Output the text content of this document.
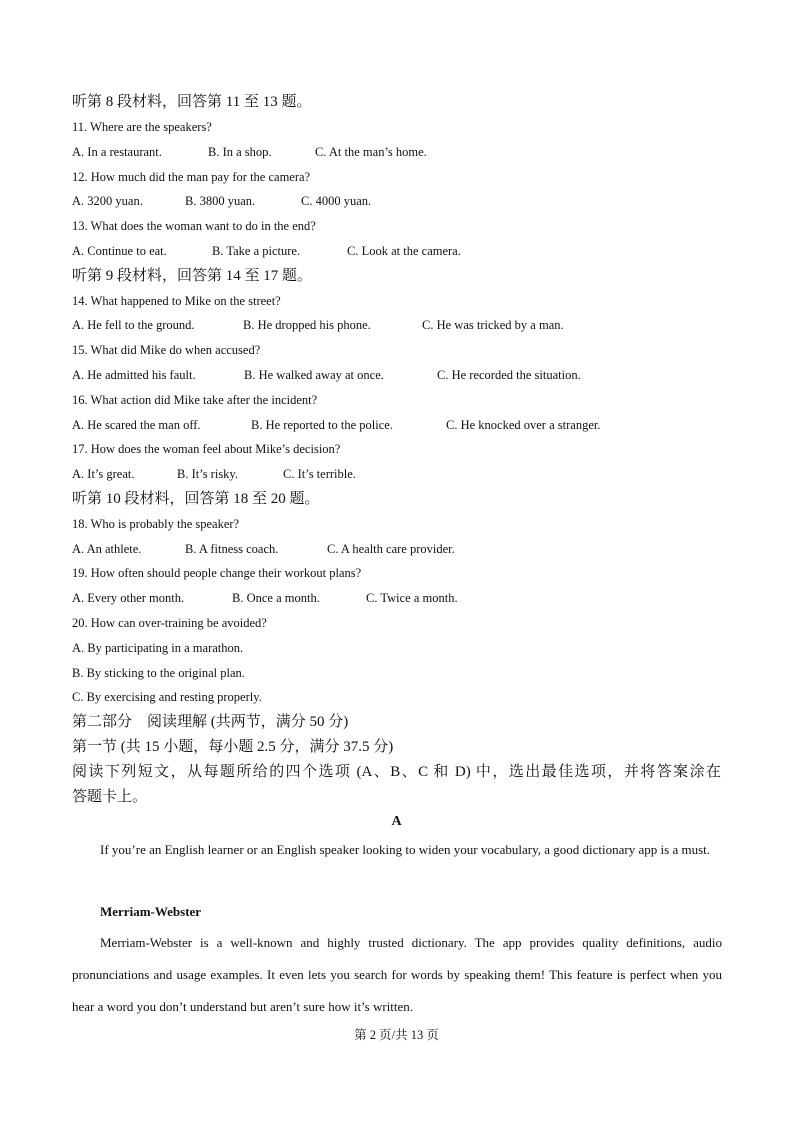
听第 8 段材料，回答第 11 至 13 题。
11. Where are the speakers?
A. In a restaurant.	B. In a shop.	C. At the man’s home.
12. How much did the man pay for the camera?
A. 3200 yuan.	B. 3800 yuan.	C. 4000 yuan.
13. What does the woman want to do in the end?
A. Continue to eat.	B. Take a picture.	C. Look at the camera.
听第 9 段材料，回答第 14 至 17 题。
14. What happened to Mike on the street?
A. He fell to the ground.	B. He dropped his phone.	C. He was tricked by a man.
15. What did Mike do when accused?
A. He admitted his fault.	B. He walked away at once.	C. He recorded the situation.
16. What action did Mike take after the incident?
A. He scared the man off.	B. He reported to the police.	C. He knocked over a stranger.
17. How does the woman feel about Mike’s decision?
A. It’s great.	B. It’s risky.	C. It’s terrible.
听第 10 段材料，回答第 18 至 20 题。
18. Who is probably the speaker?
A. An athlete.	B. A fitness coach.	C. A health care provider.
19. How often should people change their workout plans?
A. Every other month.	B. Once a month.	C. Twice a month.
20. How can over-training be avoided?
A. By participating in a marathon.
B. By sticking to the original plan.
C. By exercising and resting properly.
第二部分　阅读理解 (共两节，满分 50 分)
第一节 (共 15 小题，每小题 2.5 分，满分 37.5 分)
阅读下列短文，从每题所给的四个选项 (A、B、C 和 D) 中，选出最佳选项，并将答案涂在
答题卡上。
A
If you’re an English learner or an English speaker looking to widen your vocabulary, a good dictionary app is a must.
Merriam-Webster
Merriam-Webster is a well-known and highly trusted dictionary. The app provides quality definitions, audio pronunciations and usage examples. It even lets you search for words by speaking them! This feature is perfect when you hear a word you don’t understand but aren’t sure how it’s written.
第 2 页/共 13 页
